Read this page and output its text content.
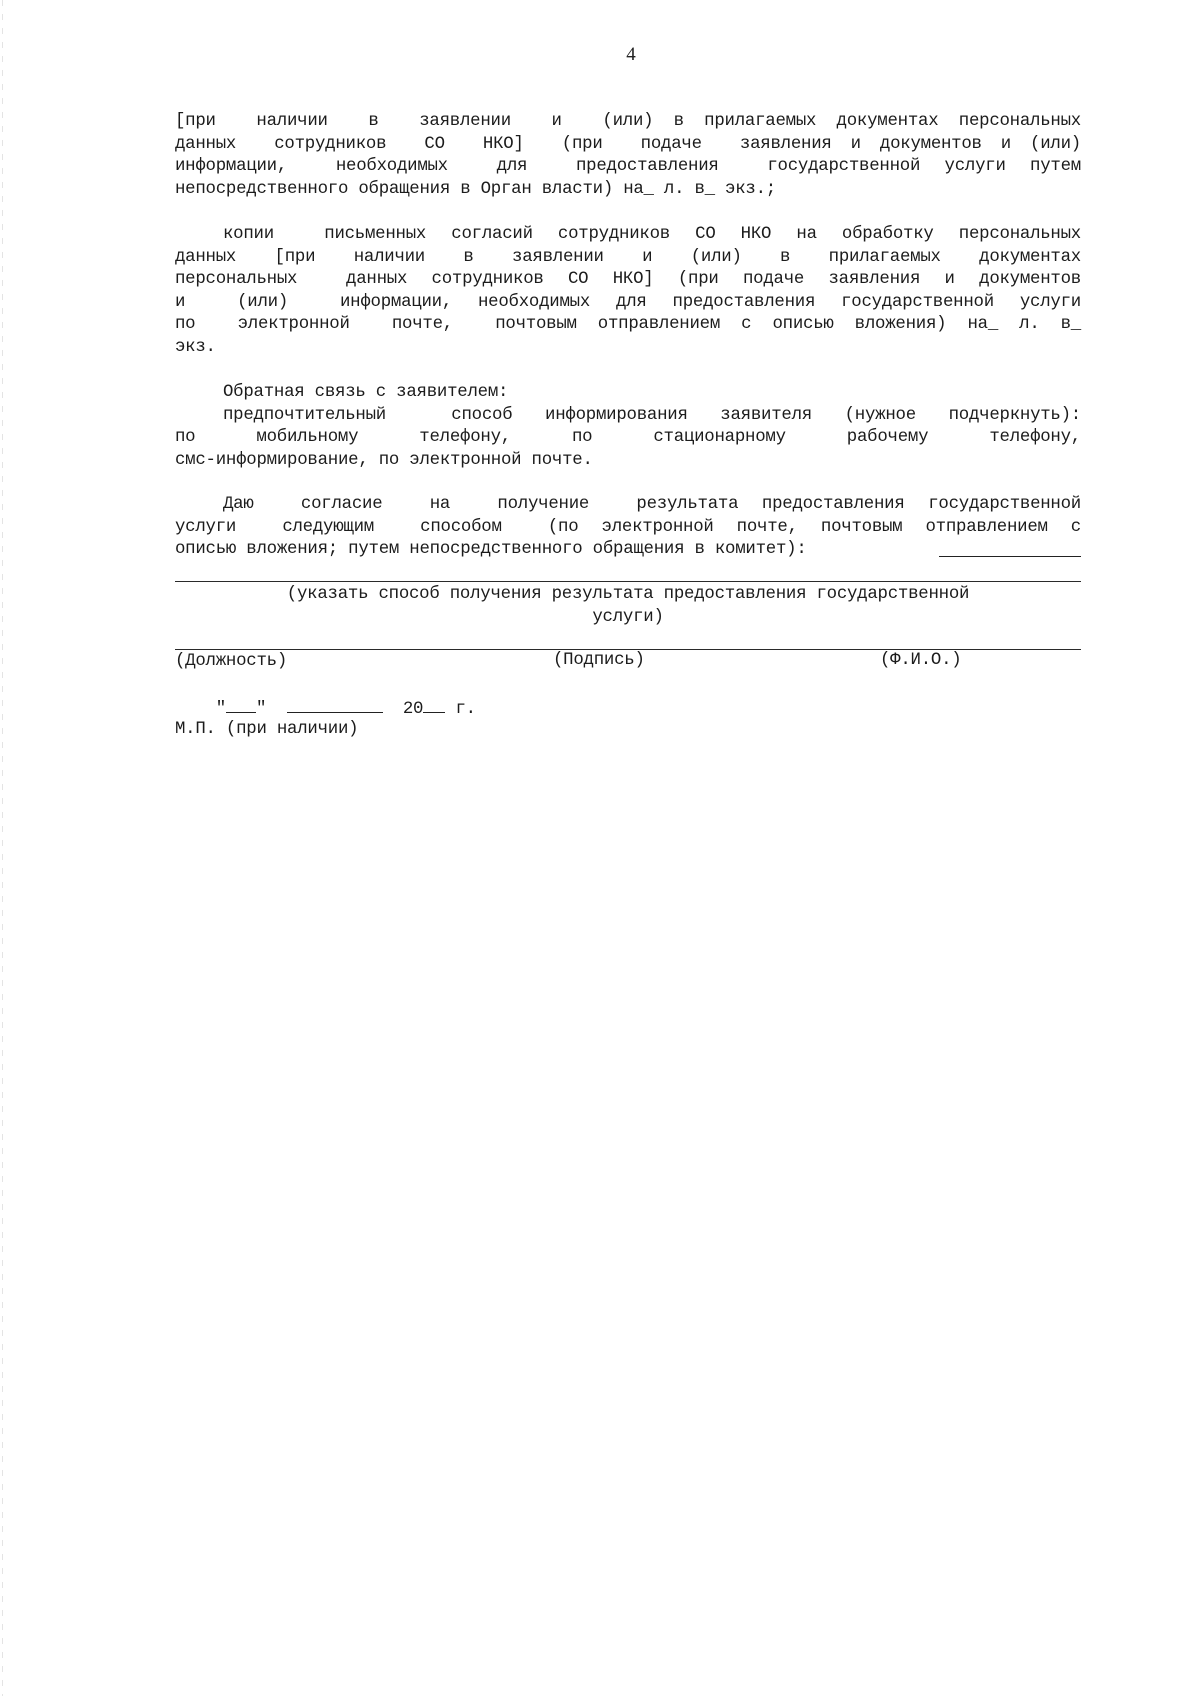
4
[при  наличии  в  заявлении  и  (или) в прилагаемых документах персональных
данных  сотрудников  СО  НКО]  (при  подаче  заявления и документов и (или)
информации,  необходимых  для  предоставления  государственной услуги путем
непосредственного обращения в Орган власти) на_ л. в_ экз.;
копии  письменных согласий сотрудников СО НКО на обработку персональных
данных  [при  наличии  в  заявлении  и  (или)  в  прилагаемых  документах
персональных  данных сотрудников СО НКО] (при подаче заявления и документов
и  (или)  информации, необходимых для предоставления государственной услуги
по  электронной  почте,  почтовым отправлением с описью вложения) на_ л. в_
экз.
Обратная связь с заявителем:
предпочтительный  способ информирования заявителя (нужное подчеркнуть):
по   мобильному   телефону,   по   стационарному   рабочему   телефону,
смс-информирование, по электронной почте.
Даю  согласие  на  получение  результата предоставления государственной
услуги  следующим  способом  (по электронной почте, почтовым отправлением с
описью вложения; путем непосредственного обращения в комитет):
(указать способ получения результата предоставления государственной
услуги)
(Должность)	(Подпись)	(Ф.И.О.)

" "	20 г.

М.П. (при наличии)
